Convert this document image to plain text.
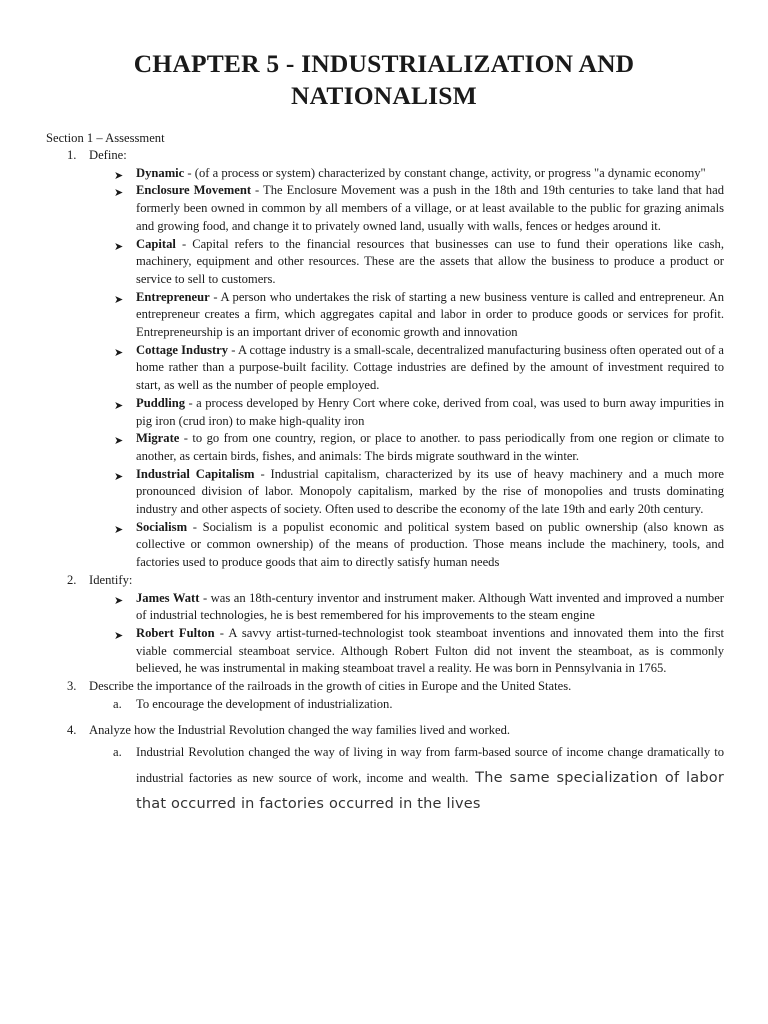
CHAPTER 5 - INDUSTRIALIZATION AND
NATIONALISM
Section 1 – Assessment
1. Define:
➤ Dynamic - (of a process or system) characterized by constant change, activity, or progress "a dynamic economy"
➤ Enclosure Movement - The Enclosure Movement was a push in the 18th and 19th centuries to take land that had formerly been owned in common by all members of a village, or at least available to the public for grazing animals and growing food, and change it to privately owned land, usually with walls, fences or hedges around it.
➤ Capital - Capital refers to the financial resources that businesses can use to fund their operations like cash, machinery, equipment and other resources. These are the assets that allow the business to produce a product or service to sell to customers.
➤ Entrepreneur - A person who undertakes the risk of starting a new business venture is called and entrepreneur. An entrepreneur creates a firm, which aggregates capital and labor in order to produce goods or services for profit. Entrepreneurship is an important driver of economic growth and innovation
➤ Cottage Industry - A cottage industry is a small-scale, decentralized manufacturing business often operated out of a home rather than a purpose-built facility. Cottage industries are defined by the amount of investment required to start, as well as the number of people employed.
➤ Puddling - a process developed by Henry Cort where coke, derived from coal, was used to burn away impurities in pig iron (crud iron) to make high-quality iron
➤ Migrate - to go from one country, region, or place to another. to pass periodically from one region or climate to another, as certain birds, fishes, and animals: The birds migrate southward in the winter.
➤ Industrial Capitalism - Industrial capitalism, characterized by its use of heavy machinery and a much more pronounced division of labor. Monopoly capitalism, marked by the rise of monopolies and trusts dominating industry and other aspects of society. Often used to describe the economy of the late 19th and early 20th century.
➤ Socialism - Socialism is a populist economic and political system based on public ownership (also known as collective or common ownership) of the means of production. Those means include the machinery, tools, and factories used to produce goods that aim to directly satisfy human needs
2. Identify:
➤ James Watt - was an 18th-century inventor and instrument maker. Although Watt invented and improved a number of industrial technologies, he is best remembered for his improvements to the steam engine
➤ Robert Fulton - A savvy artist-turned-technologist took steamboat inventions and innovated them into the first viable commercial steamboat service. Although Robert Fulton did not invent the steamboat, as is commonly believed, he was instrumental in making steamboat travel a reality. He was born in Pennsylvania in 1765.
3. Describe the importance of the railroads in the growth of cities in Europe and the United States.
a. To encourage the development of industrialization.
4. Analyze how the Industrial Revolution changed the way families lived and worked.
a. Industrial Revolution changed the way of living in way from farm-based source of income change dramatically to industrial factories as new source of work, income and wealth. The same specialization of labor that occurred in factories occurred in the lives
